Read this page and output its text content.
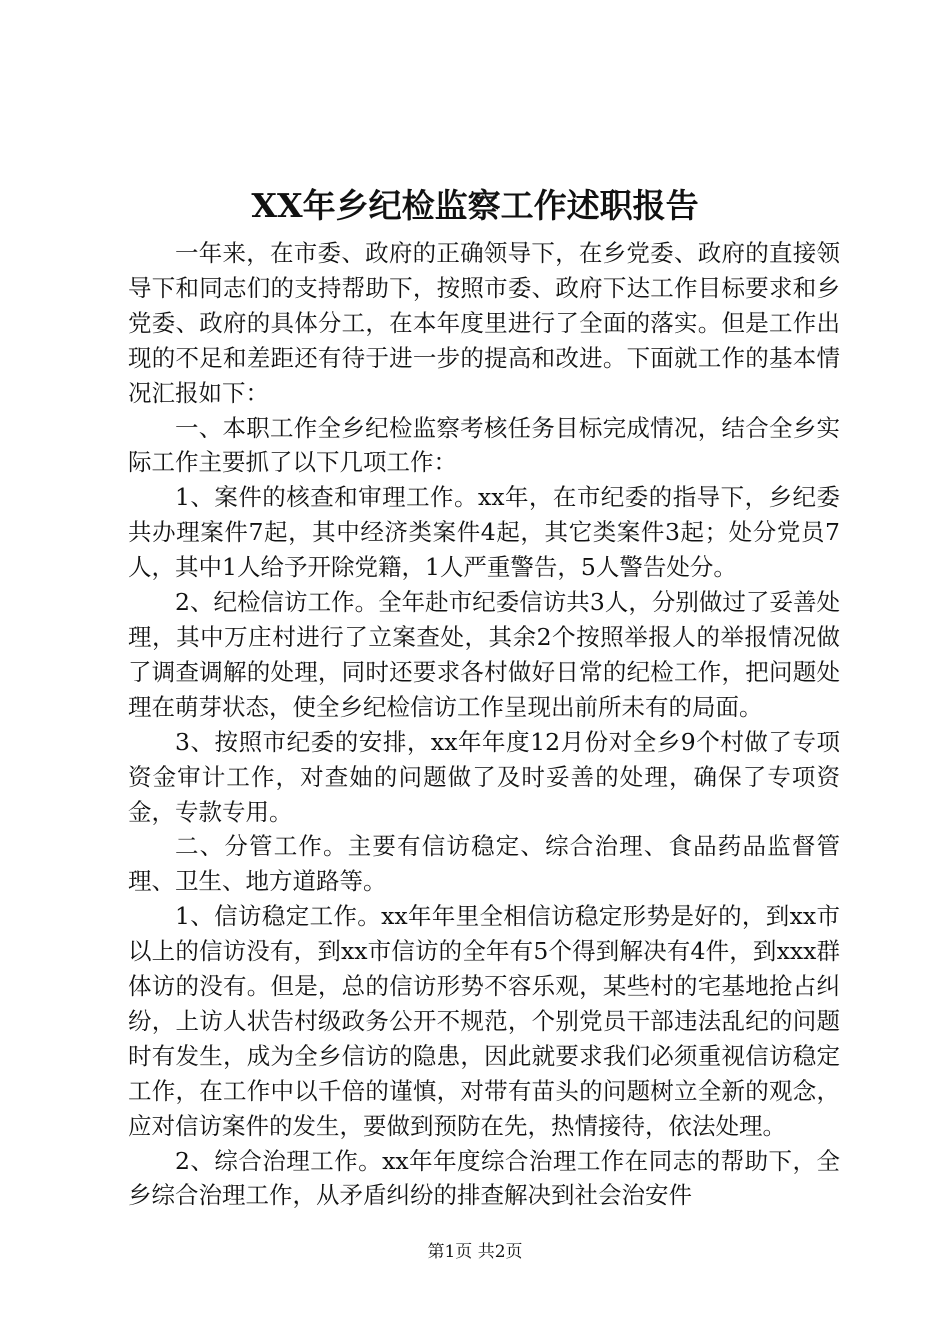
XX年乡纪检监察工作述职报告

一年来，在市委、政府的正确领导下，在乡党委、政府的直接领导下和同志们的支持帮助下，按照市委、政府下达工作目标要求和乡党委、政府的具体分工，在本年度里进行了全面的落实。但是工作出现的不足和差距还有待于进一步的提高和改进。下面就工作的基本情况汇报如下：

一、本职工作全乡纪检监察考核任务目标完成情况，结合全乡实际工作主要抓了以下几项工作：

1、案件的核查和审理工作。xx年，在市纪委的指导下，乡纪委共办理案件7起，其中经济类案件4起，其它类案件3起；处分党员7人，其中1人给予开除党籍，1人严重警告，5人警告处分。

2、纪检信访工作。全年赴市纪委信访共3人，分别做过了妥善处理，其中万庄村进行了立案查处，其余2个按照举报人的举报情况做了调查调解的处理，同时还要求各村做好日常的纪检工作，把问题处理在萌芽状态，使全乡纪检信访工作呈现出前所未有的局面。

3、按照市纪委的安排，xx年年度12月份对全乡9个村做了专项资金审计工作，对查妯的问题做了及时妥善的处理，确保了专项资金，专款专用。

二、分管工作。主要有信访稳定、综合治理、食品药品监督管理、卫生、地方道路等。

1、信访稳定工作。xx年年里全相信访稳定形势是好的，到xx市以上的信访没有，到xx市信访的全年有5个得到解决有4件，到xxx群体访的没有。但是，总的信访形势不容乐观，某些村的宅基地抢占纠纷，上访人状告村级政务公开不规范，个别党员干部违法乱纪的问题时有发生，成为全乡信访的隐患，因此就要求我们必须重视信访稳定工作，在工作中以千倍的谨慎，对带有苗头的问题树立全新的观念，应对信访案件的发生，要做到预防在先，热情接待，依法处理。

2、综合治理工作。xx年年度综合治理工作在同志的帮助下，全乡综合治理工作，从矛盾纠纷的排查解决到社会治安件

第1页 共2页
